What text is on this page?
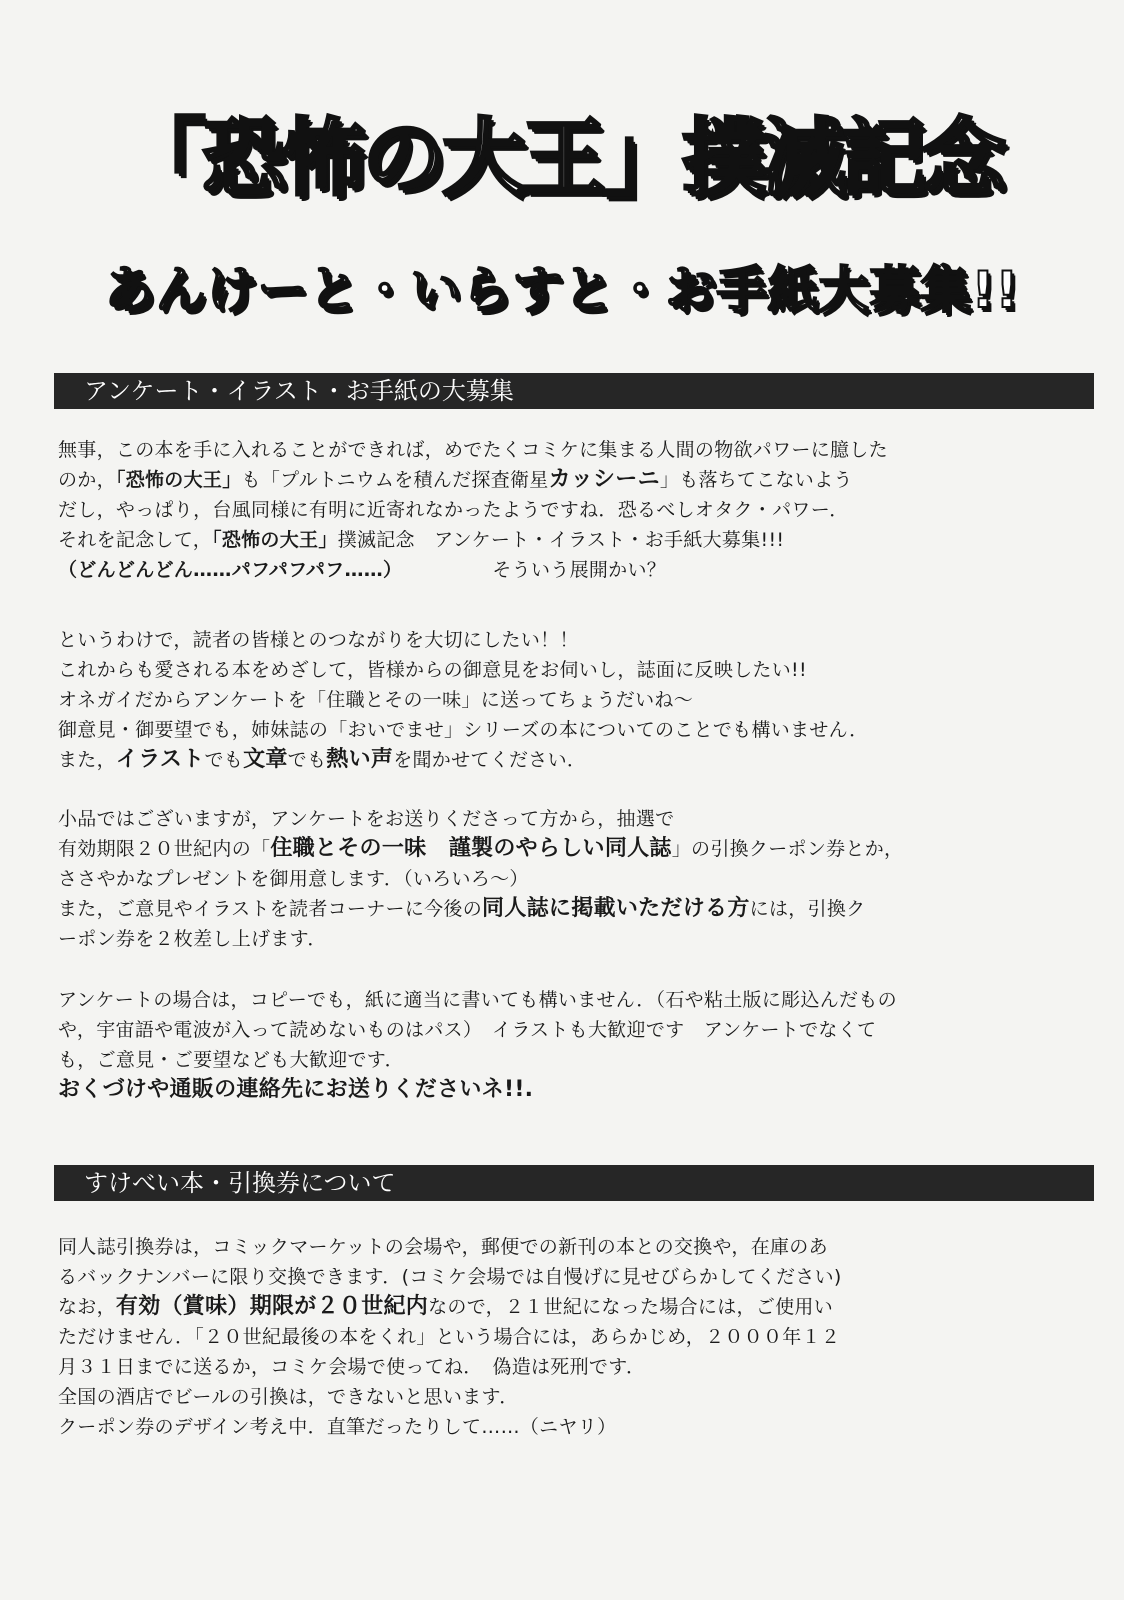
「恐怖の大王」撲滅記念
あんけーと・いらすと・お手紙大募集!!
アンケート・イラスト・お手紙の大募集

無事，この本を手に入れることができれば，めでたくコミケに集まる人間の物欲パワーに臆した

のか，「恐怖の大王」も「プルトニウムを積んだ探査衛星カッシーニ」も落ちてこないよう

だし，やっぱり，台風同様に有明に近寄れなかったようですね．恐るべしオタク・パワー．

それを記念して，「恐怖の大王」撲滅記念　アンケート・イラスト・お手紙大募集!!!

（どんどんどん……パフパフパフ……）	そういう展開かい？

というわけで，読者の皆様とのつながりを大切にしたい！！

これからも愛される本をめざして，皆様からの御意見をお伺いし，誌面に反映したい!!

オネガイだからアンケートを「住職とその一味」に送ってちょうだいね～

御意見・御要望でも，姉妹誌の「おいでませ」シリーズの本についてのことでも構いません．

また，イラストでも文章でも熱い声を聞かせてください．

小品ではございますが，アンケートをお送りくださって方から，抽選で

有効期限２０世紀内の「住職とその一味　謹製のやらしい同人誌」の引換クーポン券とか，

ささやかなプレゼントを御用意します．（いろいろ～）

また，ご意見やイラストを読者コーナーに今後の同人誌に掲載いただける方には，引換ク

ーポン券を２枚差し上げます．

アンケートの場合は，コピーでも，紙に適当に書いても構いません．（石や粘土版に彫込んだもの

や，宇宙語や電波が入って読めないものはパス）　イラストも大歓迎です　アンケートでなくて

も，ご意見・ご要望なども大歓迎です．

おくづけや通販の連絡先にお送りくださいネ!!.

すけべい本・引換券について

同人誌引換券は，コミックマーケットの会場や，郵便での新刊の本との交換や，在庫のあ

るバックナンバーに限り交換できます．(コミケ会場では自慢げに見せびらかしてください)

なお，有効（賞味）期限が２０世紀内なので，２１世紀になった場合には，ご使用い

ただけません．「２０世紀最後の本をくれ」という場合には，あらかじめ，２０００年１２

月３１日までに送るか，コミケ会場で使ってね．　偽造は死刑です．

全国の酒店でビールの引換は，できないと思います．

クーポン券のデザイン考え中．直筆だったりして……（ニヤリ）
